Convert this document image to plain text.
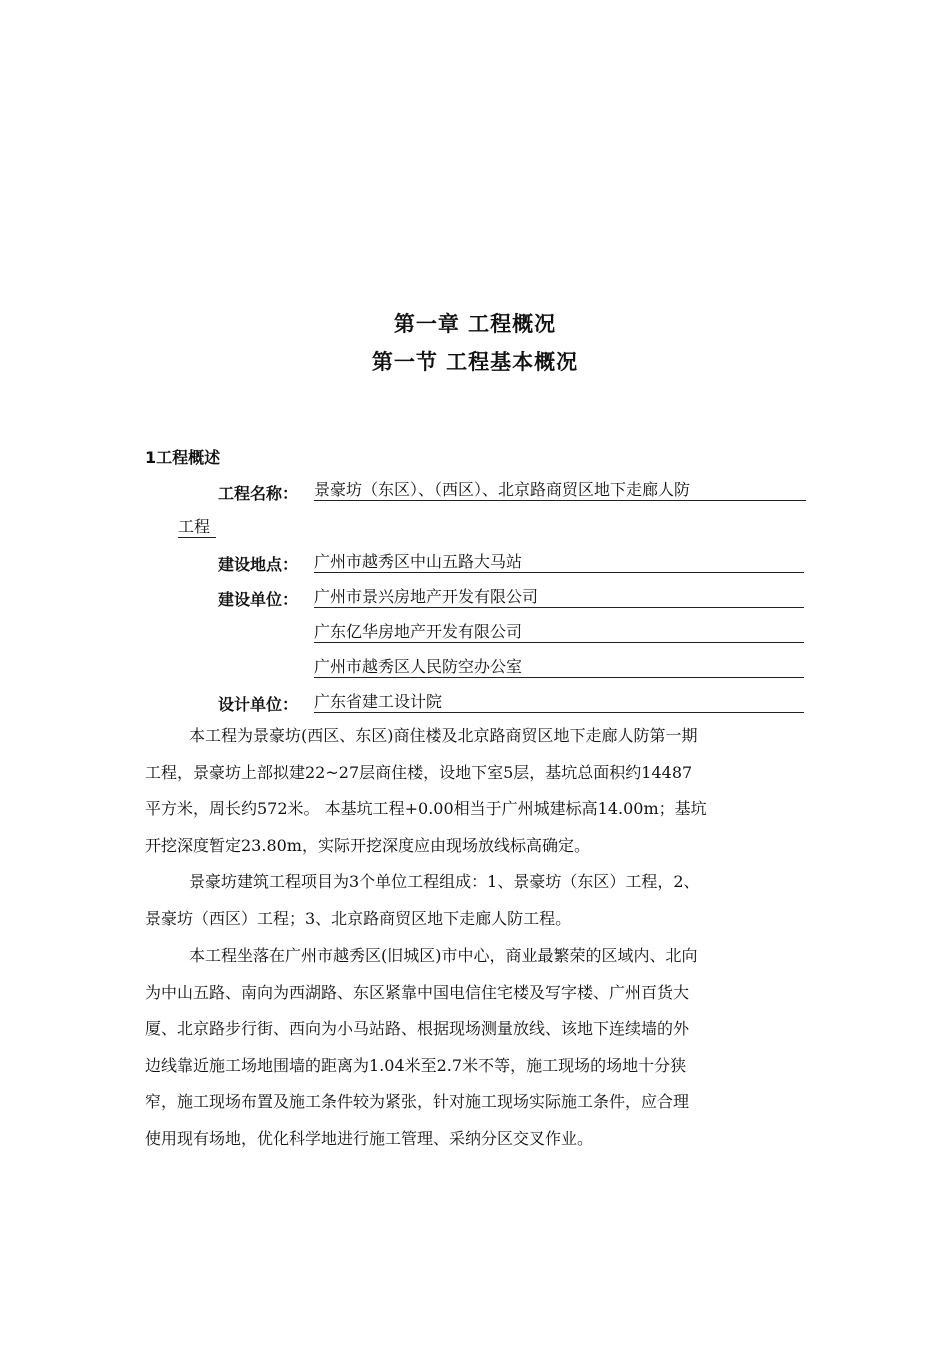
第一章 工程概况
第一节 工程基本概况
1工程概述
工程名称： 景豪坊（东区）、（西区）、北京路商贸区地下走廊人防
工程
建设地点： 广州市越秀区中山五路大马站
建设单位： 广州市景兴房地产开发有限公司
广东亿华房地产开发有限公司
广州市越秀区人民防空办公室
设计单位： 广东省建工设计院
本工程为景豪坊(西区、东区)商住楼及北京路商贸区地下走廊人防第一期
工程，景豪坊上部拟建22~27层商住楼，设地下室5层，基坑总面积约14487
平方米，周长约572米。 本基坑工程+0.00相当于广州城建标高14.00m；基坑
开挖深度暂定23.80m，实际开挖深度应由现场放线标高确定。
景豪坊建筑工程项目为3个单位工程组成：1、景豪坊（东区）工程，2、
景豪坊（西区）工程；3、北京路商贸区地下走廊人防工程。
本工程坐落在广州市越秀区(旧城区)市中心，商业最繁荣的区域内、北向
为中山五路、南向为西湖路、东区紧靠中国电信住宅楼及写字楼、广州百货大
厦、北京路步行街、西向为小马站路、根据现场测量放线、该地下连续墙的外
边线靠近施工场地围墙的距离为1.04米至2.7米不等，施工现场的场地十分狭
窄，施工现场布置及施工条件较为紧张，针对施工现场实际施工条件，应合理
使用现有场地，优化科学地进行施工管理、采纳分区交叉作业。
